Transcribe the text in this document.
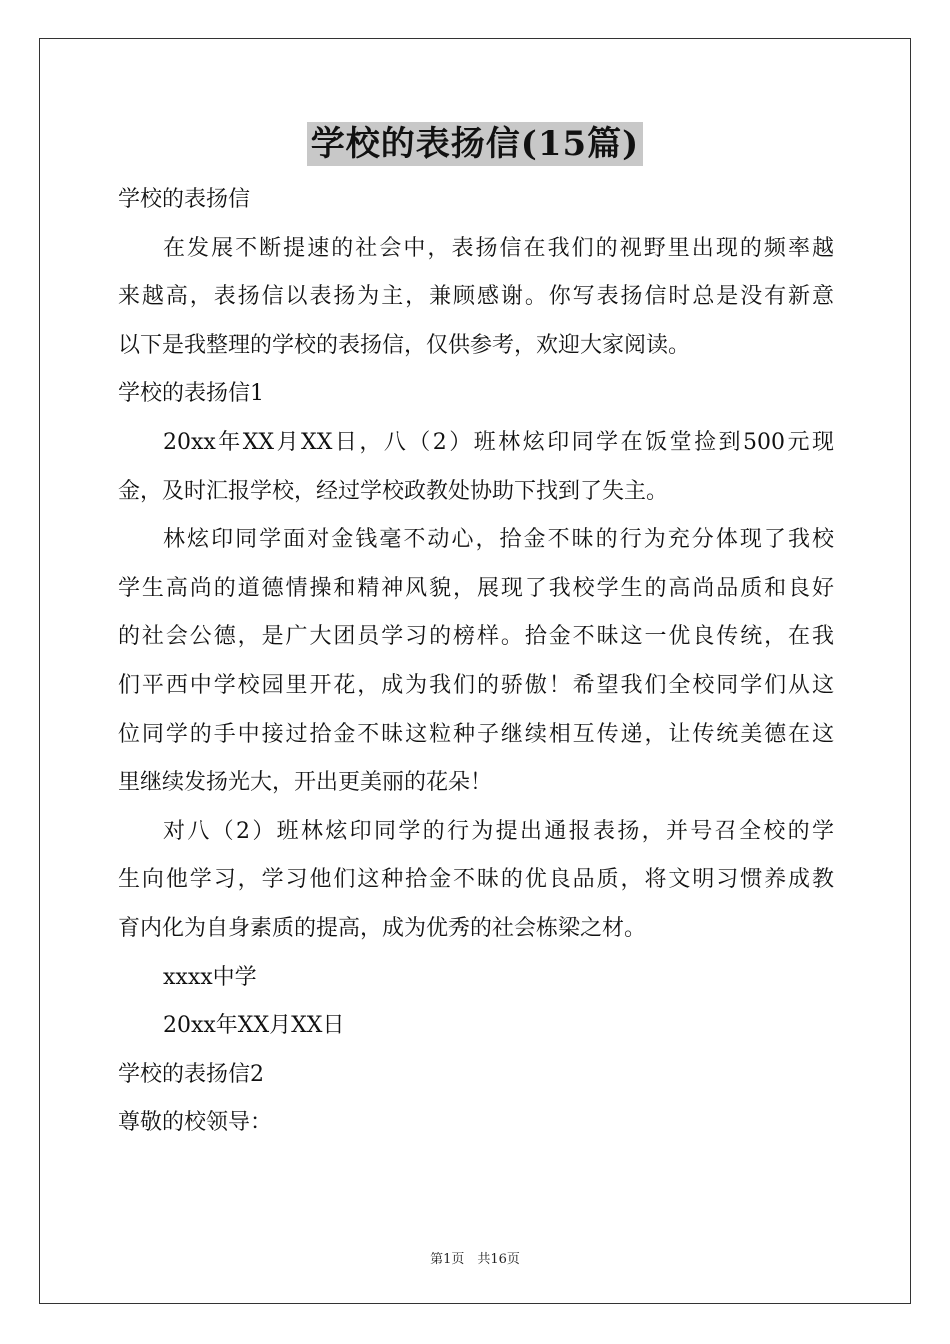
学校的表扬信(15篇)
学校的表扬信
在发展不断提速的社会中，表扬信在我们的视野里出现的频率越
来越高，表扬信以表扬为主，兼顾感谢。你写表扬信时总是没有新意
以下是我整理的学校的表扬信，仅供参考，欢迎大家阅读。
学校的表扬信1
20xx年XX月XX日，八（2）班林炫印同学在饭堂捡到500元现
金，及时汇报学校，经过学校政教处协助下找到了失主。
林炫印同学面对金钱毫不动心，拾金不昧的行为充分体现了我校
学生高尚的道德情操和精神风貌，展现了我校学生的高尚品质和良好
的社会公德，是广大团员学习的榜样。拾金不昧这一优良传统，在我
们平西中学校园里开花，成为我们的骄傲！希望我们全校同学们从这
位同学的手中接过拾金不昧这粒种子继续相互传递，让传统美德在这
里继续发扬光大，开出更美丽的花朵！
对八（2）班林炫印同学的行为提出通报表扬，并号召全校的学
生向他学习，学习他们这种拾金不昧的优良品质，将文明习惯养成教
育内化为自身素质的提高，成为优秀的社会栋梁之材。
xxxx中学
20xx年XX月XX日
学校的表扬信2
尊敬的校领导：
第1页　共16页
